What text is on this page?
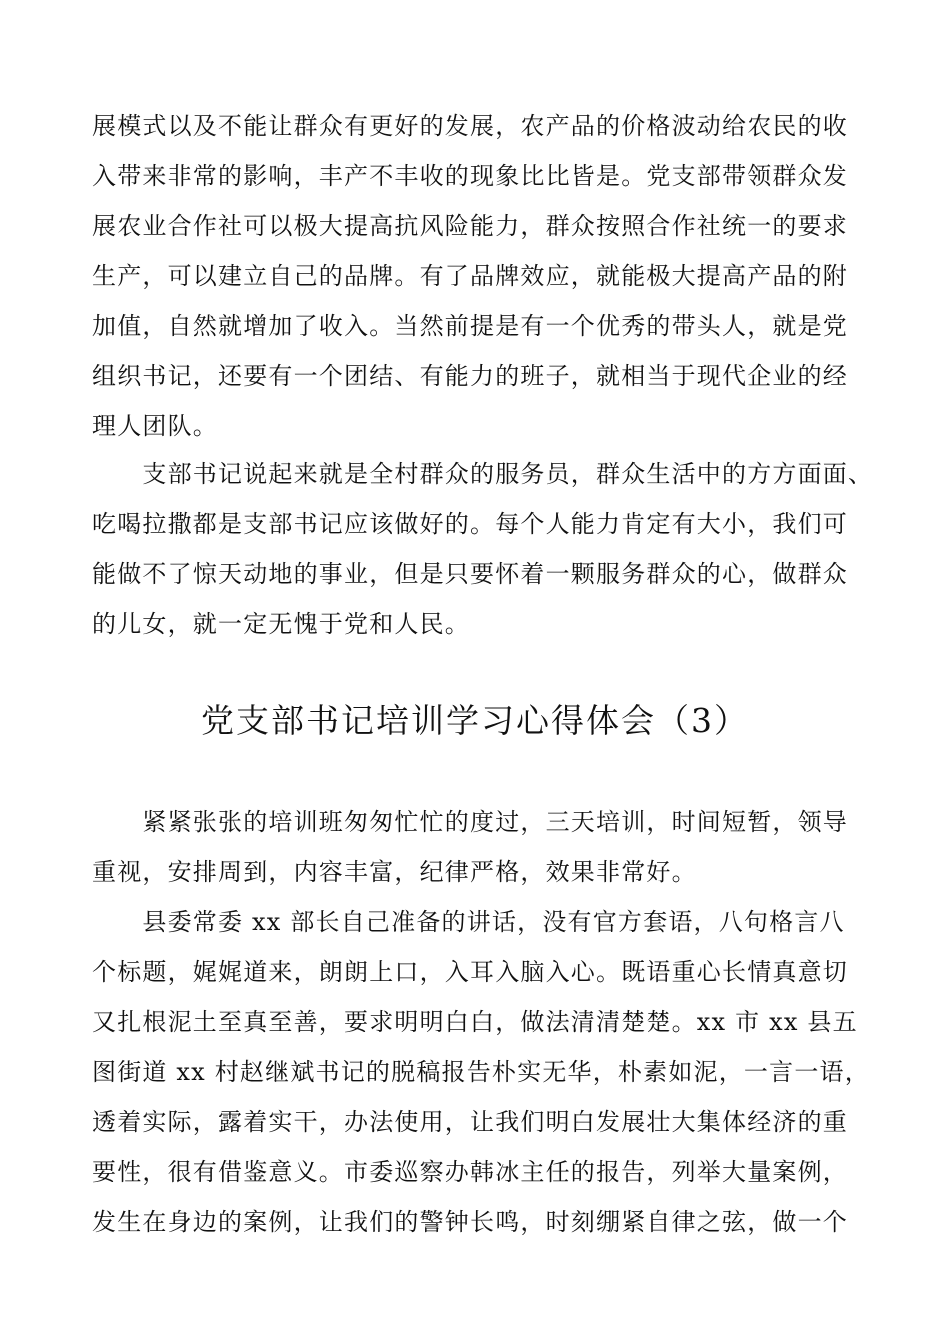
展模式以及不能让群众有更好的发展，农产品的价格波动给农民的收
入带来非常的影响，丰产不丰收的现象比比皆是。党支部带领群众发
展农业合作社可以极大提高抗风险能力，群众按照合作社统一的要求
生产，可以建立自己的品牌。有了品牌效应，就能极大提高产品的附
加值，自然就增加了收入。当然前提是有一个优秀的带头人，就是党
组织书记，还要有一个团结、有能力的班子，就相当于现代企业的经
理人团队。
　　支部书记说起来就是全村群众的服务员，群众生活中的方方面面、
吃喝拉撒都是支部书记应该做好的。每个人能力肯定有大小，我们可
能做不了惊天动地的事业，但是只要怀着一颗服务群众的心，做群众
的儿女，就一定无愧于党和人民。
党支部书记培训学习心得体会（3）
　　紧紧张张的培训班匆匆忙忙的度过，三天培训，时间短暂，领导
重视，安排周到，内容丰富，纪律严格，效果非常好。
　　县委常委 xx 部长自己准备的讲话，没有官方套语，八句格言八
个标题，娓娓道来，朗朗上口，入耳入脑入心。既语重心长情真意切
又扎根泥土至真至善，要求明明白白，做法清清楚楚。xx 市 xx 县五
图街道 xx 村赵继斌书记的脱稿报告朴实无华，朴素如泥，一言一语，
透着实际，露着实干，办法使用，让我们明白发展壮大集体经济的重
要性，很有借鉴意义。市委巡察办韩冰主任的报告，列举大量案例，
发生在身边的案例，让我们的警钟长鸣，时刻绷紧自律之弦，做一个
